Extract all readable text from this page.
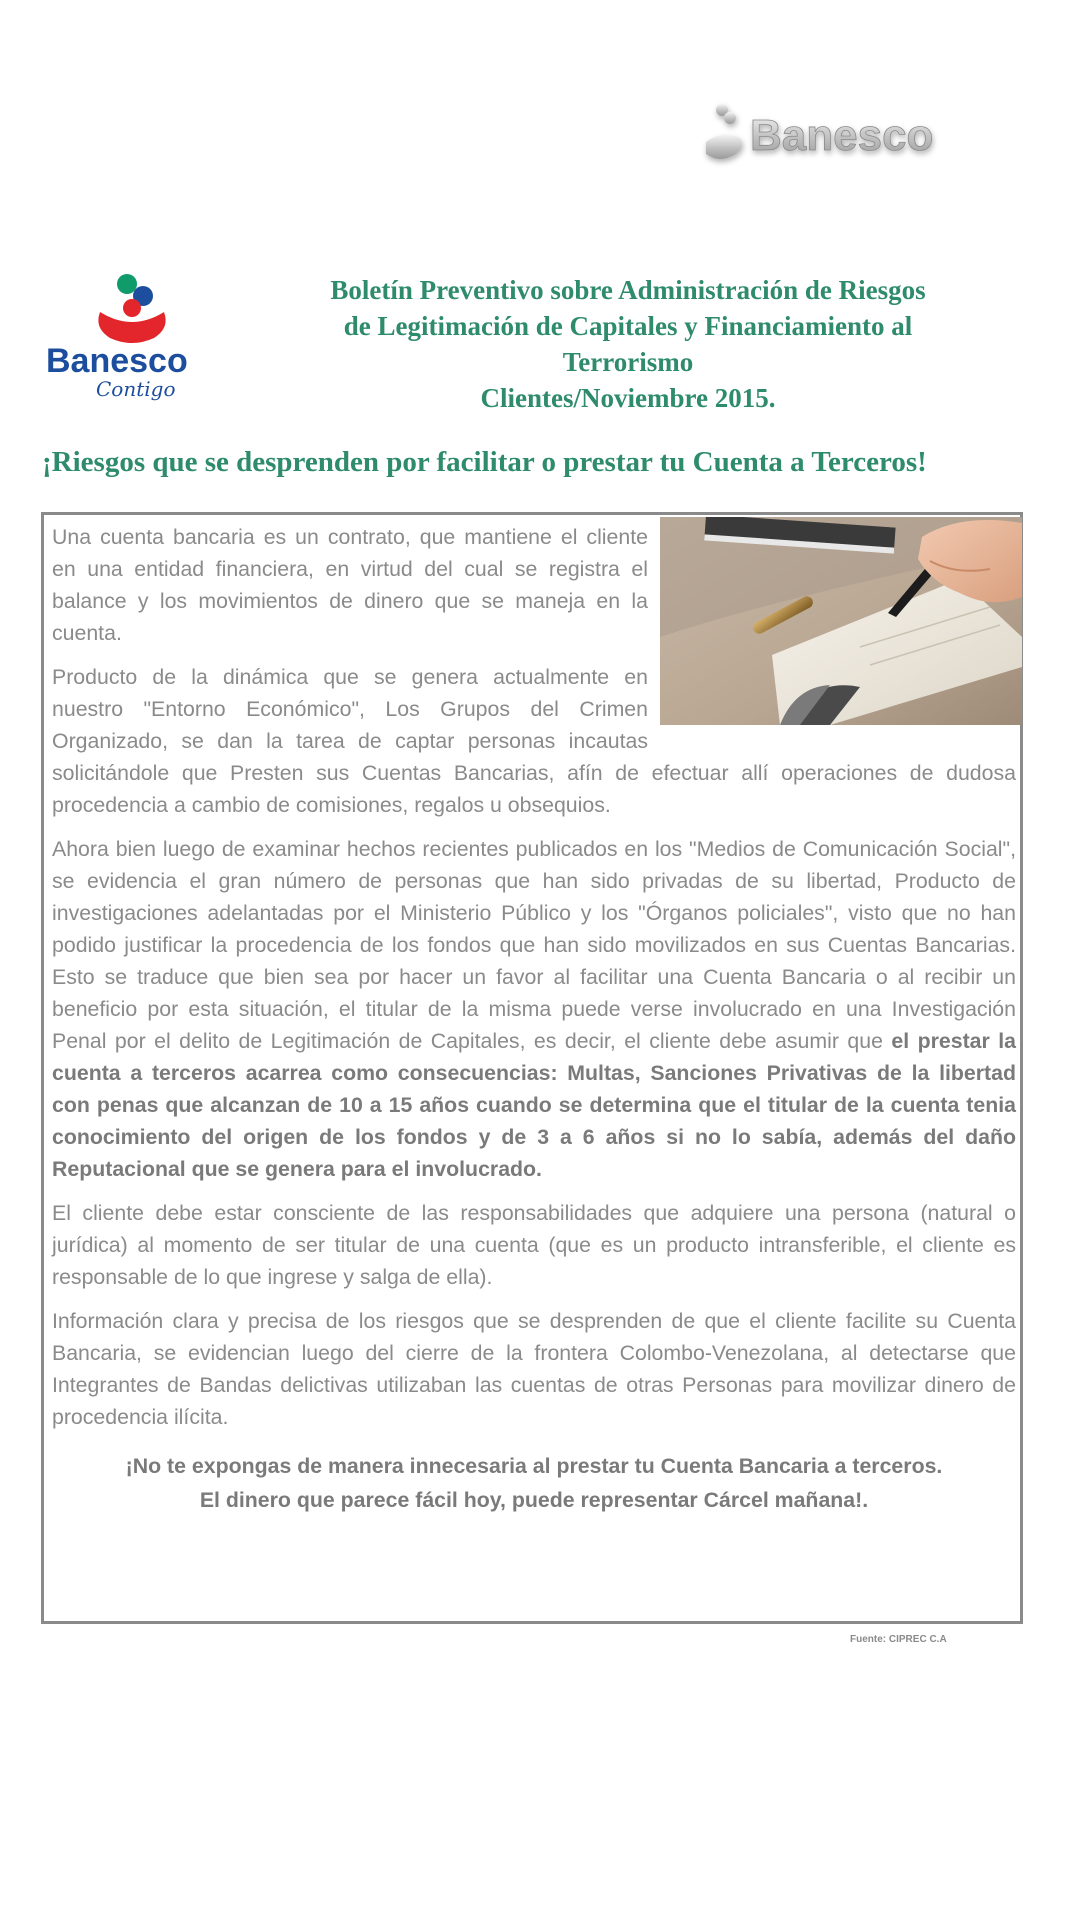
Banesco
Banesco
Contigo
Boletín Preventivo sobre Administración de Riesgos
de Legitimación de Capitales y Financiamiento al
Terrorismo
Clientes/Noviembre 2015.
¡Riesgos que se desprenden por facilitar o prestar tu Cuenta a Terceros!

Una cuenta bancaria es un contrato, que mantiene el cliente en una entidad financiera, en virtud del cual se registra el balance y los movimientos de dinero que se maneja en la cuenta.

Producto de la dinámica que se genera actualmente en nuestro "Entorno Económico", Los Grupos del Crimen Organizado, se dan la tarea de captar personas incautas solicitándole que Presten sus Cuentas Bancarias, afín de efectuar allí operaciones de dudosa procedencia a cambio de comisiones, regalos u obsequios.

Ahora bien luego de examinar hechos recientes publicados en los "Medios de Comunicación Social", se evidencia el gran número de personas que han sido privadas de su libertad, Producto de investigaciones adelantadas por el Ministerio Público y los "Órganos policiales", visto que no han podido justificar la procedencia de los fondos que han sido movilizados en sus Cuentas Bancarias. Esto se traduce que bien sea por hacer un favor al facilitar una Cuenta Bancaria o al recibir un beneficio por esta situación, el titular de la misma puede verse involucrado en una Investigación Penal por el delito de Legitimación de Capitales, es decir, el cliente debe asumir que el prestar la cuenta a terceros acarrea como consecuencias: Multas, Sanciones Privativas de la libertad con penas que alcanzan de 10 a 15 años cuando se determina que el titular de la cuenta tenia conocimiento del origen de los fondos y de 3 a 6 años si no lo sabía, además del daño Reputacional que se genera para el involucrado.

El cliente debe estar consciente de las responsabilidades que adquiere una persona (natural o jurídica) al momento de ser titular de una cuenta (que es un producto intransferible, el cliente es responsable de lo que ingrese y salga de ella).

Información clara y precisa de los riesgos que se desprenden de que el cliente facilite su Cuenta Bancaria, se evidencian luego del cierre de la frontera Colombo-Venezolana, al detectarse que Integrantes de Bandas delictivas utilizaban las cuentas de otras Personas para movilizar dinero de procedencia ilícita.

¡No te expongas de manera innecesaria al prestar tu Cuenta Bancaria a terceros.
El dinero que parece fácil hoy, puede representar Cárcel mañana!.
Fuente: CIPREC C.A
